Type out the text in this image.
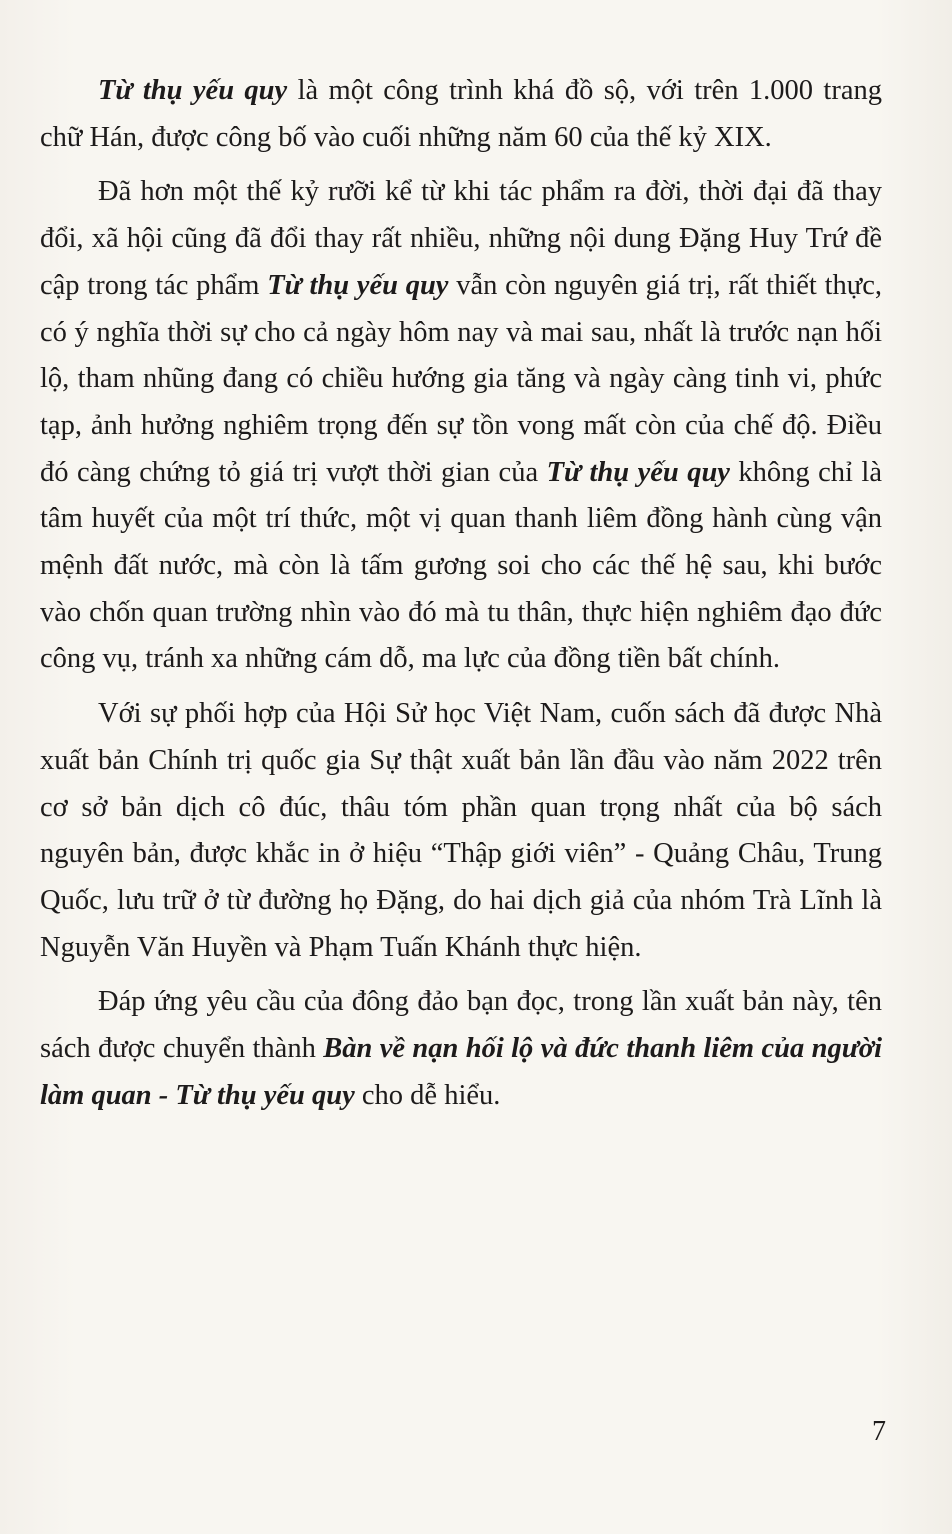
Từ thụ yếu quy là một công trình khá đồ sộ, với trên 1.000 trang chữ Hán, được công bố vào cuối những năm 60 của thế kỷ XIX.

Đã hơn một thế kỷ rưỡi kể từ khi tác phẩm ra đời, thời đại đã thay đổi, xã hội cũng đã đổi thay rất nhiều, những nội dung Đặng Huy Trứ đề cập trong tác phẩm Từ thụ yếu quy vẫn còn nguyên giá trị, rất thiết thực, có ý nghĩa thời sự cho cả ngày hôm nay và mai sau, nhất là trước nạn hối lộ, tham nhũng đang có chiều hướng gia tăng và ngày càng tinh vi, phức tạp, ảnh hưởng nghiêm trọng đến sự tồn vong mất còn của chế độ. Điều đó càng chứng tỏ giá trị vượt thời gian của Từ thụ yếu quy không chỉ là tâm huyết của một trí thức, một vị quan thanh liêm đồng hành cùng vận mệnh đất nước, mà còn là tấm gương soi cho các thế hệ sau, khi bước vào chốn quan trường nhìn vào đó mà tu thân, thực hiện nghiêm đạo đức công vụ, tránh xa những cám dỗ, ma lực của đồng tiền bất chính.

Với sự phối hợp của Hội Sử học Việt Nam, cuốn sách đã được Nhà xuất bản Chính trị quốc gia Sự thật xuất bản lần đầu vào năm 2022 trên cơ sở bản dịch cô đúc, thâu tóm phần quan trọng nhất của bộ sách nguyên bản, được khắc in ở hiệu “Thập giới viên” - Quảng Châu, Trung Quốc, lưu trữ ở từ đường họ Đặng, do hai dịch giả của nhóm Trà Lĩnh là Nguyễn Văn Huyền và Phạm Tuấn Khánh thực hiện.

Đáp ứng yêu cầu của đông đảo bạn đọc, trong lần xuất bản này, tên sách được chuyển thành Bàn về nạn hối lộ và đức thanh liêm của người làm quan - Từ thụ yếu quy cho dễ hiểu.

7
